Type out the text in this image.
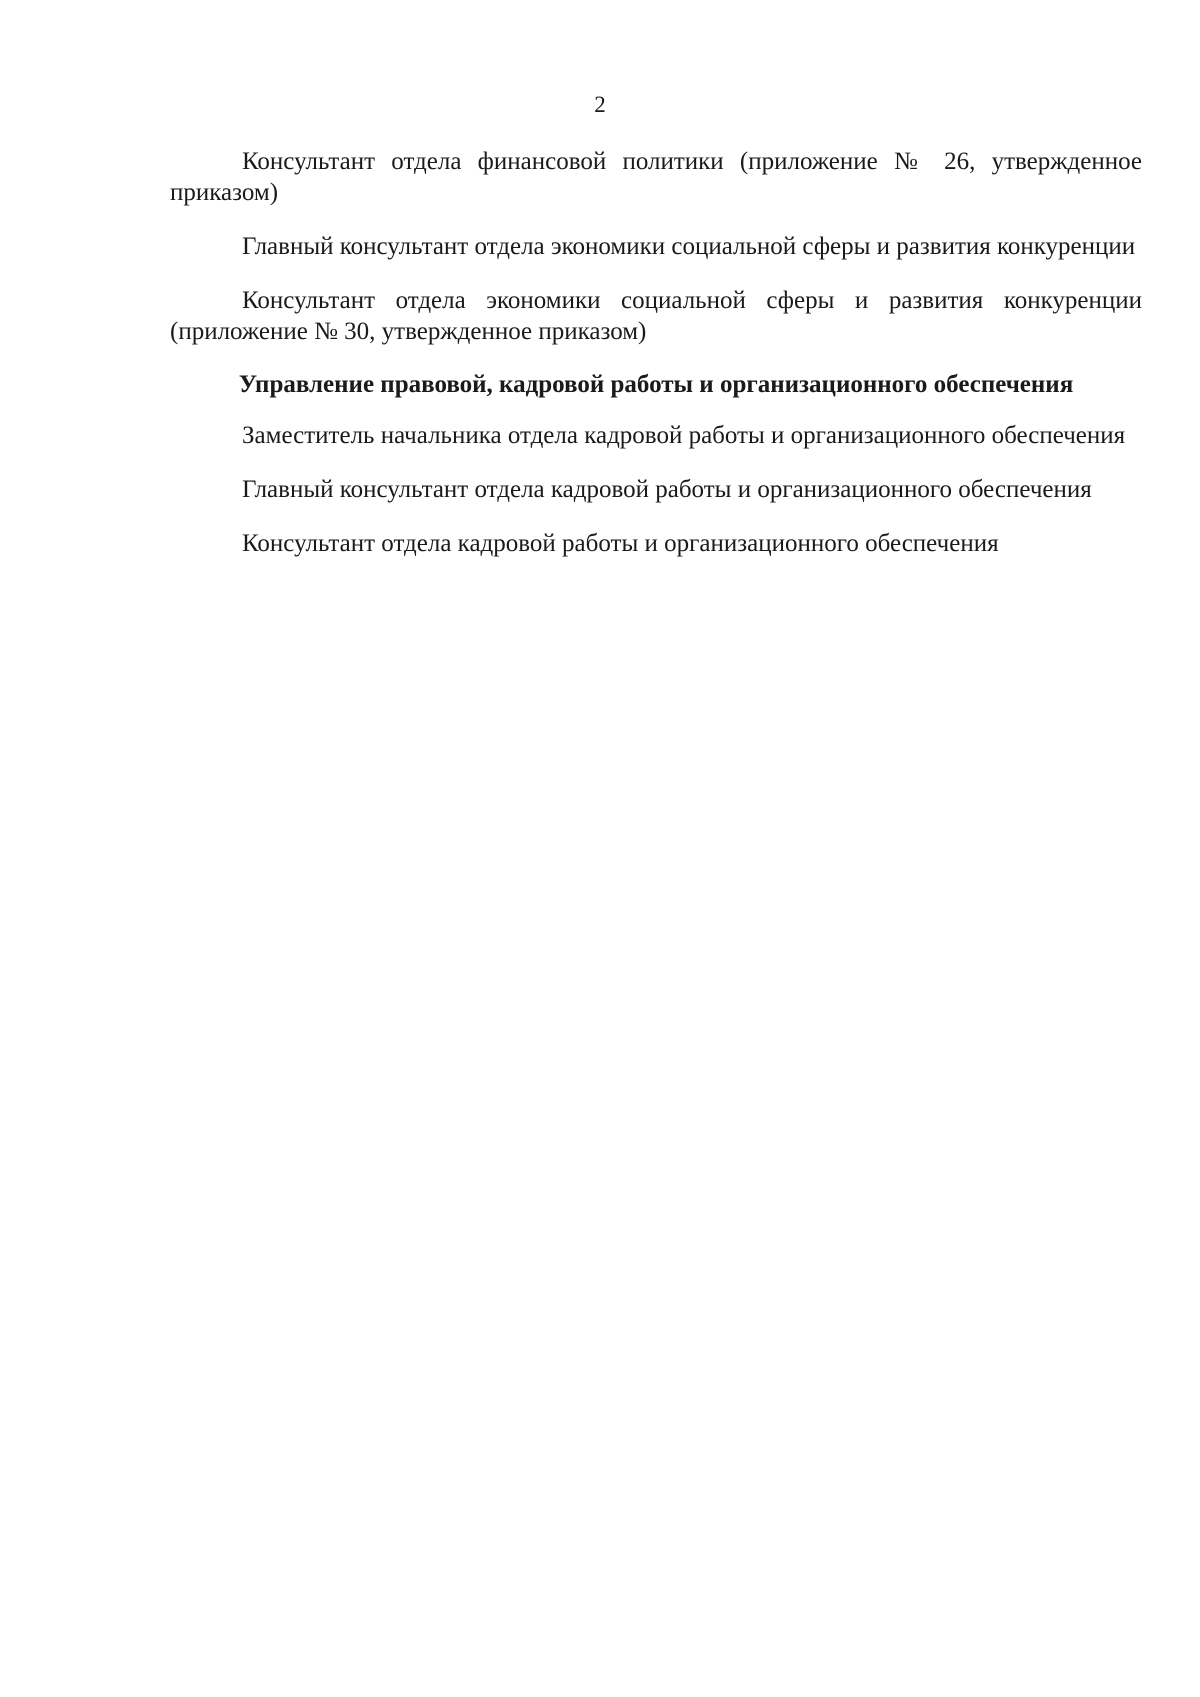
2

Консультант отдела финансовой политики (приложение № 26, утвержденное приказом)

Главный консультант отдела экономики социальной сферы и развития конкуренции

Консультант отдела экономики социальной сферы и развития конкуренции (приложение № 30, утвержденное приказом)

Управление правовой, кадровой работы и организационного обеспечения

Заместитель начальника отдела кадровой работы и организационного обеспечения

Главный консультант отдела кадровой работы и организационного обеспечения

Консультант отдела кадровой работы и организационного обеспечения
